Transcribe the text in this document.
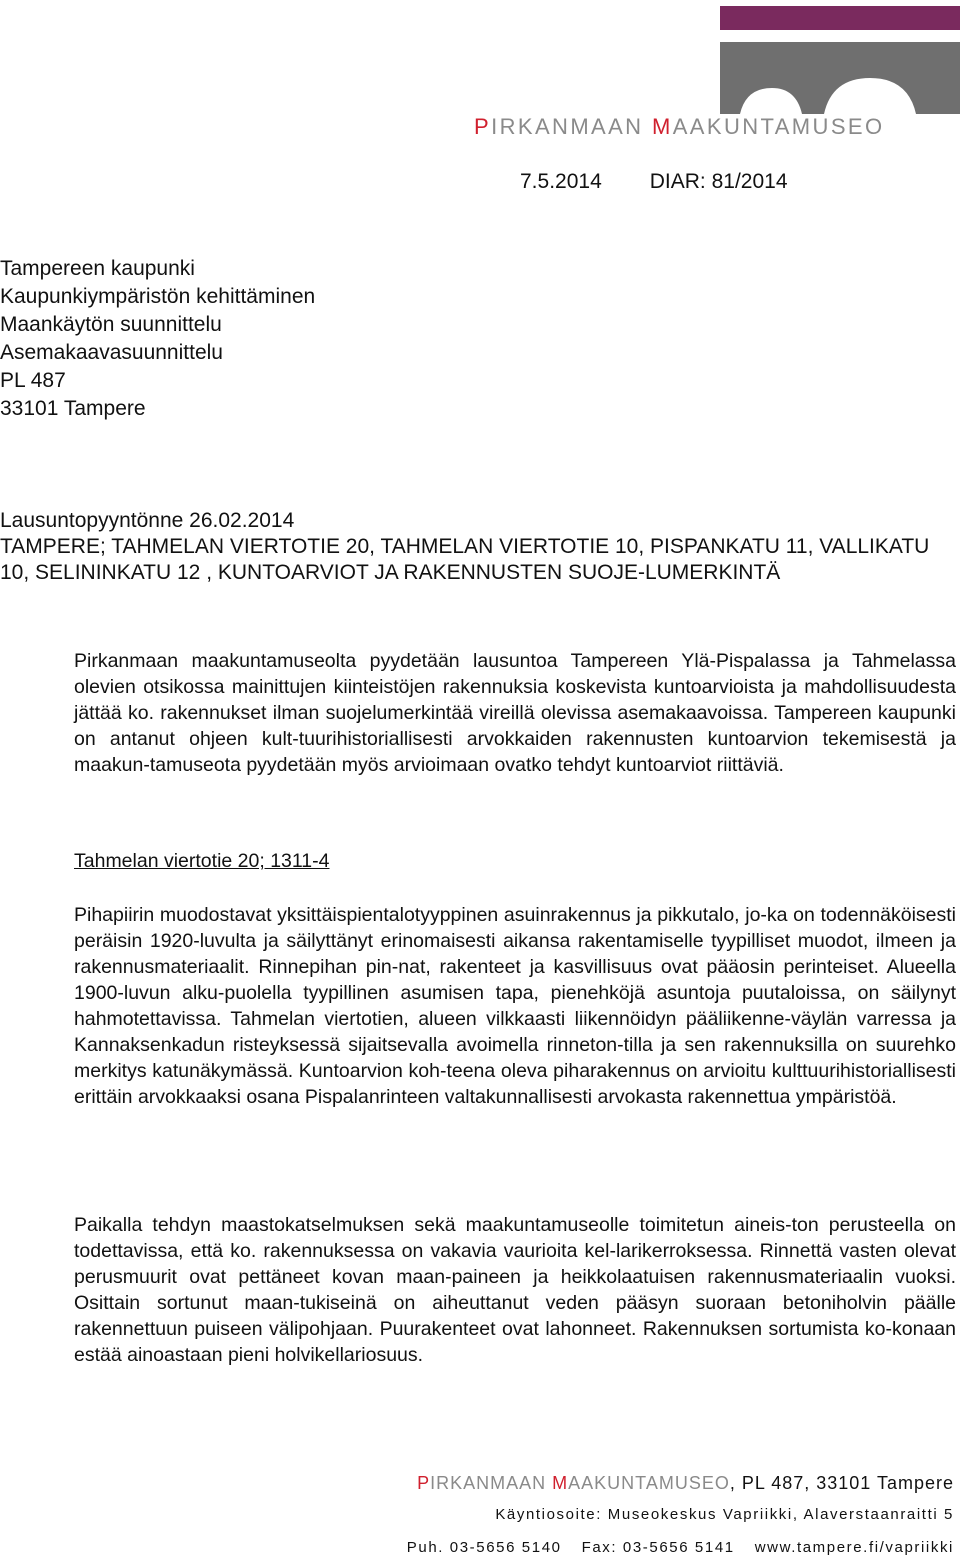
PIRKANMAAN MAAKUNTAMUSEO
7.5.2014 DIAR: 81/2014
Tampereen kaupunki
Kaupunkiympäristön kehittäminen
Maankäytön suunnittelu
Asemakaavasuunnittelu
PL 487
33101 Tampere
Lausuntopyyntönne 26.02.2014
TAMPERE; TAHMELAN VIERTOTIE 20, TAHMELAN VIERTOTIE 10, PISPANKATU 11, VALLIKATU 10, SELININKATU 12 , KUNTOARVIOT JA RAKENNUSTEN SUOJE-LUMERKINTÄ
Pirkanmaan maakuntamuseolta pyydetään lausuntoa Tampereen Ylä-Pispalassa ja Tahmelassa olevien otsikossa mainittujen kiinteistöjen rakennuksia koskevista kuntoarvioista ja mahdollisuudesta jättää ko. rakennukset ilman suojelumerkintää vireillä olevissa asemakaavoissa. Tampereen kaupunki on antanut ohjeen kult-tuurihistoriallisesti arvokkaiden rakennusten kuntoarvion tekemisestä ja maakun-tamuseota pyydetään myös arvioimaan ovatko tehdyt kuntoarviot riittäviä.
Tahmelan viertotie 20; 1311-4
Pihapiirin muodostavat yksittäispientalotyyppinen asuinrakennus ja pikkutalo, jo-ka on todennäköisesti peräisin 1920-luvulta ja säilyttänyt erinomaisesti aikansa rakentamiselle tyypilliset muodot, ilmeen ja rakennusmateriaalit. Rinnepihan pin-nat, rakenteet ja kasvillisuus ovat pääosin perinteiset. Alueella 1900-luvun alku-puolella tyypillinen asumisen tapa, pienehköjä asuntoja puutaloissa, on säilynyt hahmotettavissa. Tahmelan viertotien, alueen vilkkaasti liikennöidyn pääliikenne-väylän varressa ja Kannaksenkadun risteyksessä sijaitsevalla avoimella rinneton-tilla ja sen rakennuksilla on suurehko merkitys katunäkymässä. Kuntoarvion koh-teena oleva piharakennus on arvioitu kulttuurihistoriallisesti erittäin arvokkaaksi osana Pispalanrinteen valtakunnallisesti arvokasta rakennettua ympäristöä.
Paikalla tehdyn maastokatselmuksen sekä maakuntamuseolle toimitetun aineis-ton perusteella on todettavissa, että ko. rakennuksessa on vakavia vaurioita kel-larikerroksessa. Rinnettä vasten olevat perusmuurit ovat pettäneet kovan maan-paineen ja heikkolaatuisen rakennusmateriaalin vuoksi. Osittain sortunut maan-tukiseinä on aiheuttanut veden pääsyn suoraan betoniholvin päälle rakennettuun puiseen välipohjaan. Puurakenteet ovat lahonneet. Rakennuksen sortumista ko-konaan estää ainoastaan pieni holvikellariosuus.
PIRKANMAAN MAAKUNTAMUSEO, PL 487, 33101 Tampere
Käyntiosoite: Museokeskus Vapriikki, Alaverstaanraitti 5
Puh. 03-5656 5140 Fax: 03-5656 5141 www.tampere.fi/vapriikki
